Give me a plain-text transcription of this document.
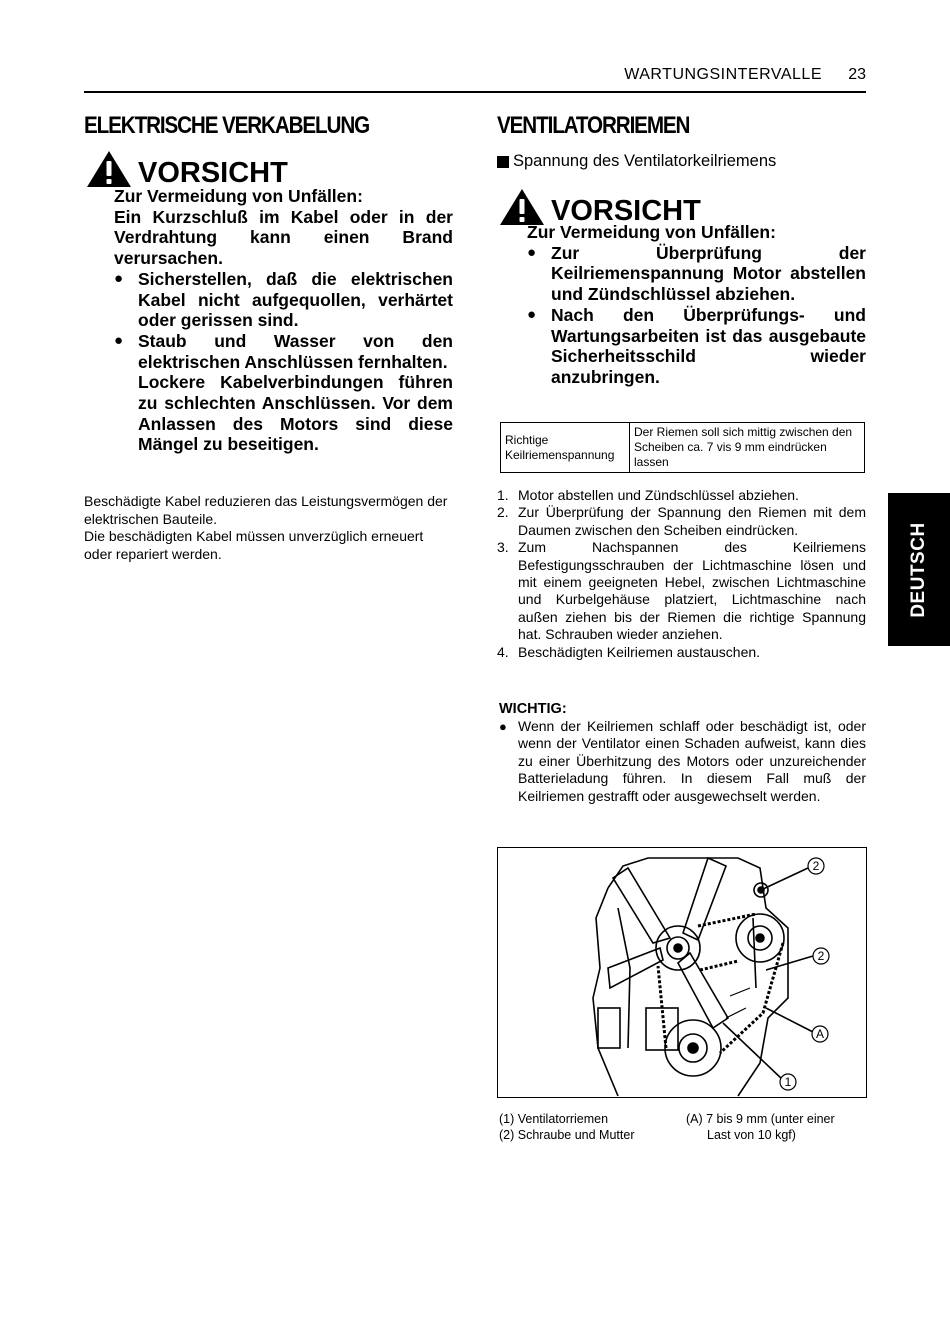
WARTUNGSINTERVALLE 23
DEUTSCH
ELEKTRISCHE VERKABELUNG
VORSICHT

Zur Vermeidung von Unfällen:

Ein Kurzschluß im Kabel oder in der Verdrahtung kann einen Brand verursachen.

● Sicherstellen, daß die elektrischen Kabel nicht aufgequollen, verhärtet oder gerissen sind.
● Staub und Wasser von den elektrischen Anschlüssen fernhalten.
Lockere Kabelverbindungen führen zu schlechten Anschlüssen. Vor dem Anlassen des Motors sind diese Mängel zu beseitigen.

Beschädigte Kabel reduzieren das Leistungsvermögen der elektrischen Bauteile.

Die beschädigten Kabel müssen unverzüglich erneuert oder repariert werden.

VENTILATORRIEMEN
Spannung des Ventilatorkeilriemens
VORSICHT

Zur Vermeidung von Unfällen:

● Zur Überprüfung der Keilriemenspannung Motor abstellen und Zündschlüssel abziehen.
● Nach den Überprüfungs- und Wartungsarbeiten ist das ausgebaute Sicherheitsschild wieder anzubringen.
Richtige Keilriemenspannung	Der Riemen soll sich mittig zwischen den Scheiben ca. 7 vis 9 mm eindrücken lassen
1. Motor abstellen und Zündschlüssel abziehen.
2. Zur Überprüfung der Spannung den Riemen mit dem Daumen zwischen den Scheiben eindrücken.
3. Zum Nachspannen des Keilriemens Befestigungsschrauben der Lichtmaschine lösen und mit einem geeigneten Hebel, zwischen Lichtmaschine und Kurbelgehäuse platziert, Lichtmaschine nach außen ziehen bis der Riemen die richtige Spannung hat. Schrauben wieder anziehen.
4. Beschädigten Keilriemen austauschen.
WICHTIG:
● Wenn der Keilriemen schlaff oder beschädigt ist, oder wenn der Ventilator einen Schaden aufweist, kann dies zu einer Überhitzung des Motors oder unzureichender Batterieladung führen. In diesem Fall muß der Keilriemen gestrafft oder ausgewechselt werden.
2
2
A
1
(1) Ventilatorriemen
(2) Schraube und Mutter
(A) 7 bis 9 mm (unter einer
Last von 10 kgf)
